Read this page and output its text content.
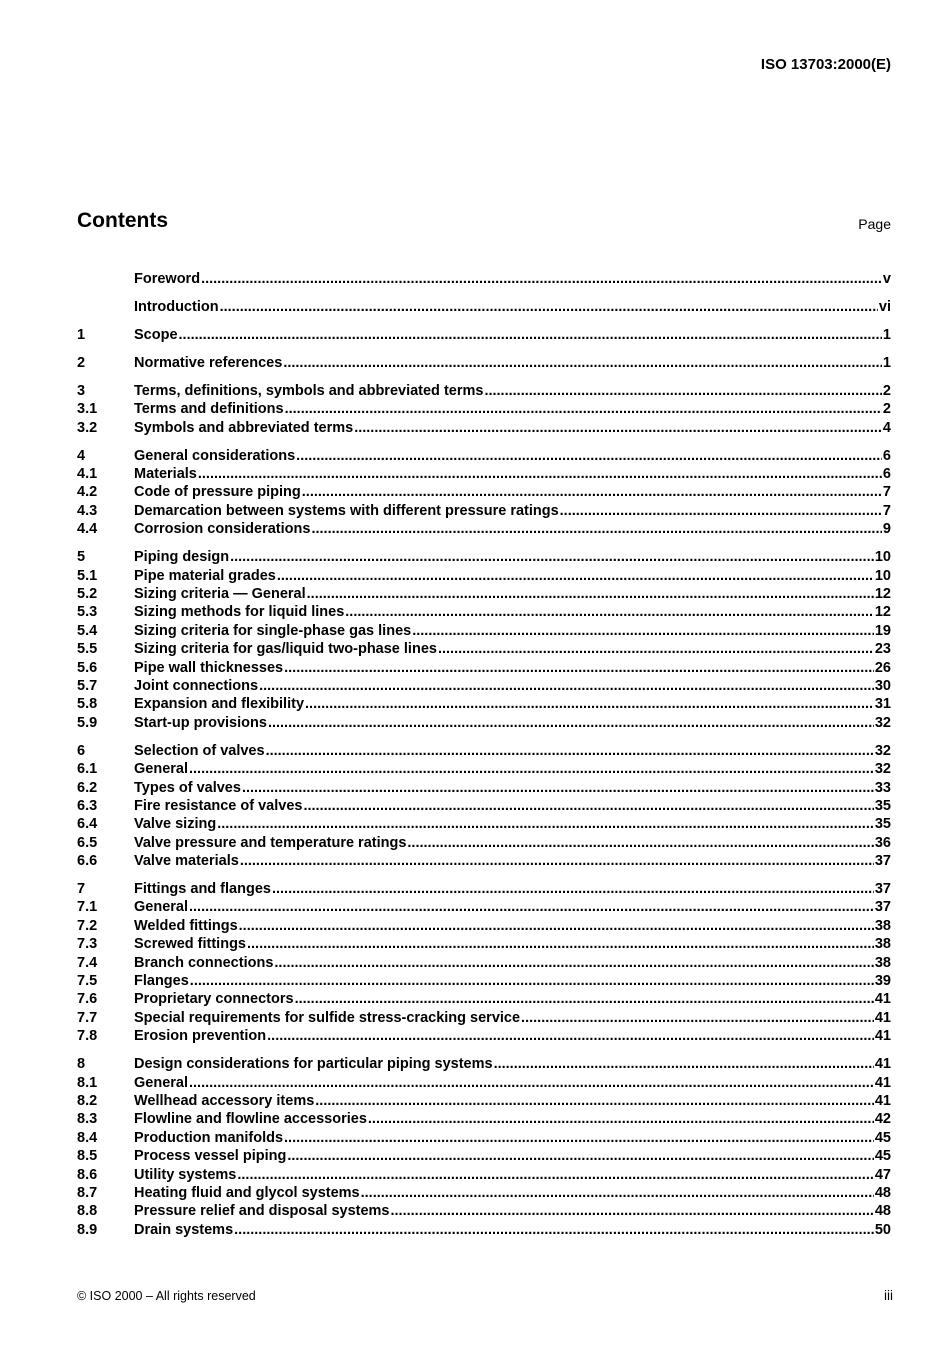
ISO 13703:2000(E)
Contents	Page
Foreword .....	v
Introduction .....	vi
1	Scope .....	1
2	Normative references .....	1
3	Terms, definitions, symbols and abbreviated terms .....	2
3.1	Terms and definitions .....	2
3.2	Symbols and abbreviated terms .....	4
4	General considerations .....	6
4.1	Materials .....	6
4.2	Code of pressure piping .....	7
4.3	Demarcation between systems with different pressure ratings .....	7
4.4	Corrosion considerations .....	9
5	Piping design .....	10
5.1	Pipe material grades .....	10
5.2	Sizing criteria — General .....	12
5.3	Sizing methods for liquid lines .....	12
5.4	Sizing criteria for single-phase gas lines .....	19
5.5	Sizing criteria for gas/liquid two-phase lines .....	23
5.6	Pipe wall thicknesses .....	26
5.7	Joint connections .....	30
5.8	Expansion and flexibility .....	31
5.9	Start-up provisions .....	32
6	Selection of valves .....	32
6.1	General .....	32
6.2	Types of valves .....	33
6.3	Fire resistance of valves .....	35
6.4	Valve sizing .....	35
6.5	Valve pressure and temperature ratings .....	36
6.6	Valve materials .....	37
7	Fittings and flanges .....	37
7.1	General .....	37
7.2	Welded fittings .....	38
7.3	Screwed fittings .....	38
7.4	Branch connections .....	38
7.5	Flanges .....	39
7.6	Proprietary connectors .....	41
7.7	Special requirements for sulfide stress-cracking service .....	41
7.8	Erosion prevention .....	41
8	Design considerations for particular piping systems .....	41
8.1	General .....	41
8.2	Wellhead accessory items .....	41
8.3	Flowline and flowline accessories .....	42
8.4	Production manifolds .....	45
8.5	Process vessel piping .....	45
8.6	Utility systems .....	47
8.7	Heating fluid and glycol systems .....	48
8.8	Pressure relief and disposal systems .....	48
8.9	Drain systems .....	50
© ISO 2000 – All rights reserved	iii
